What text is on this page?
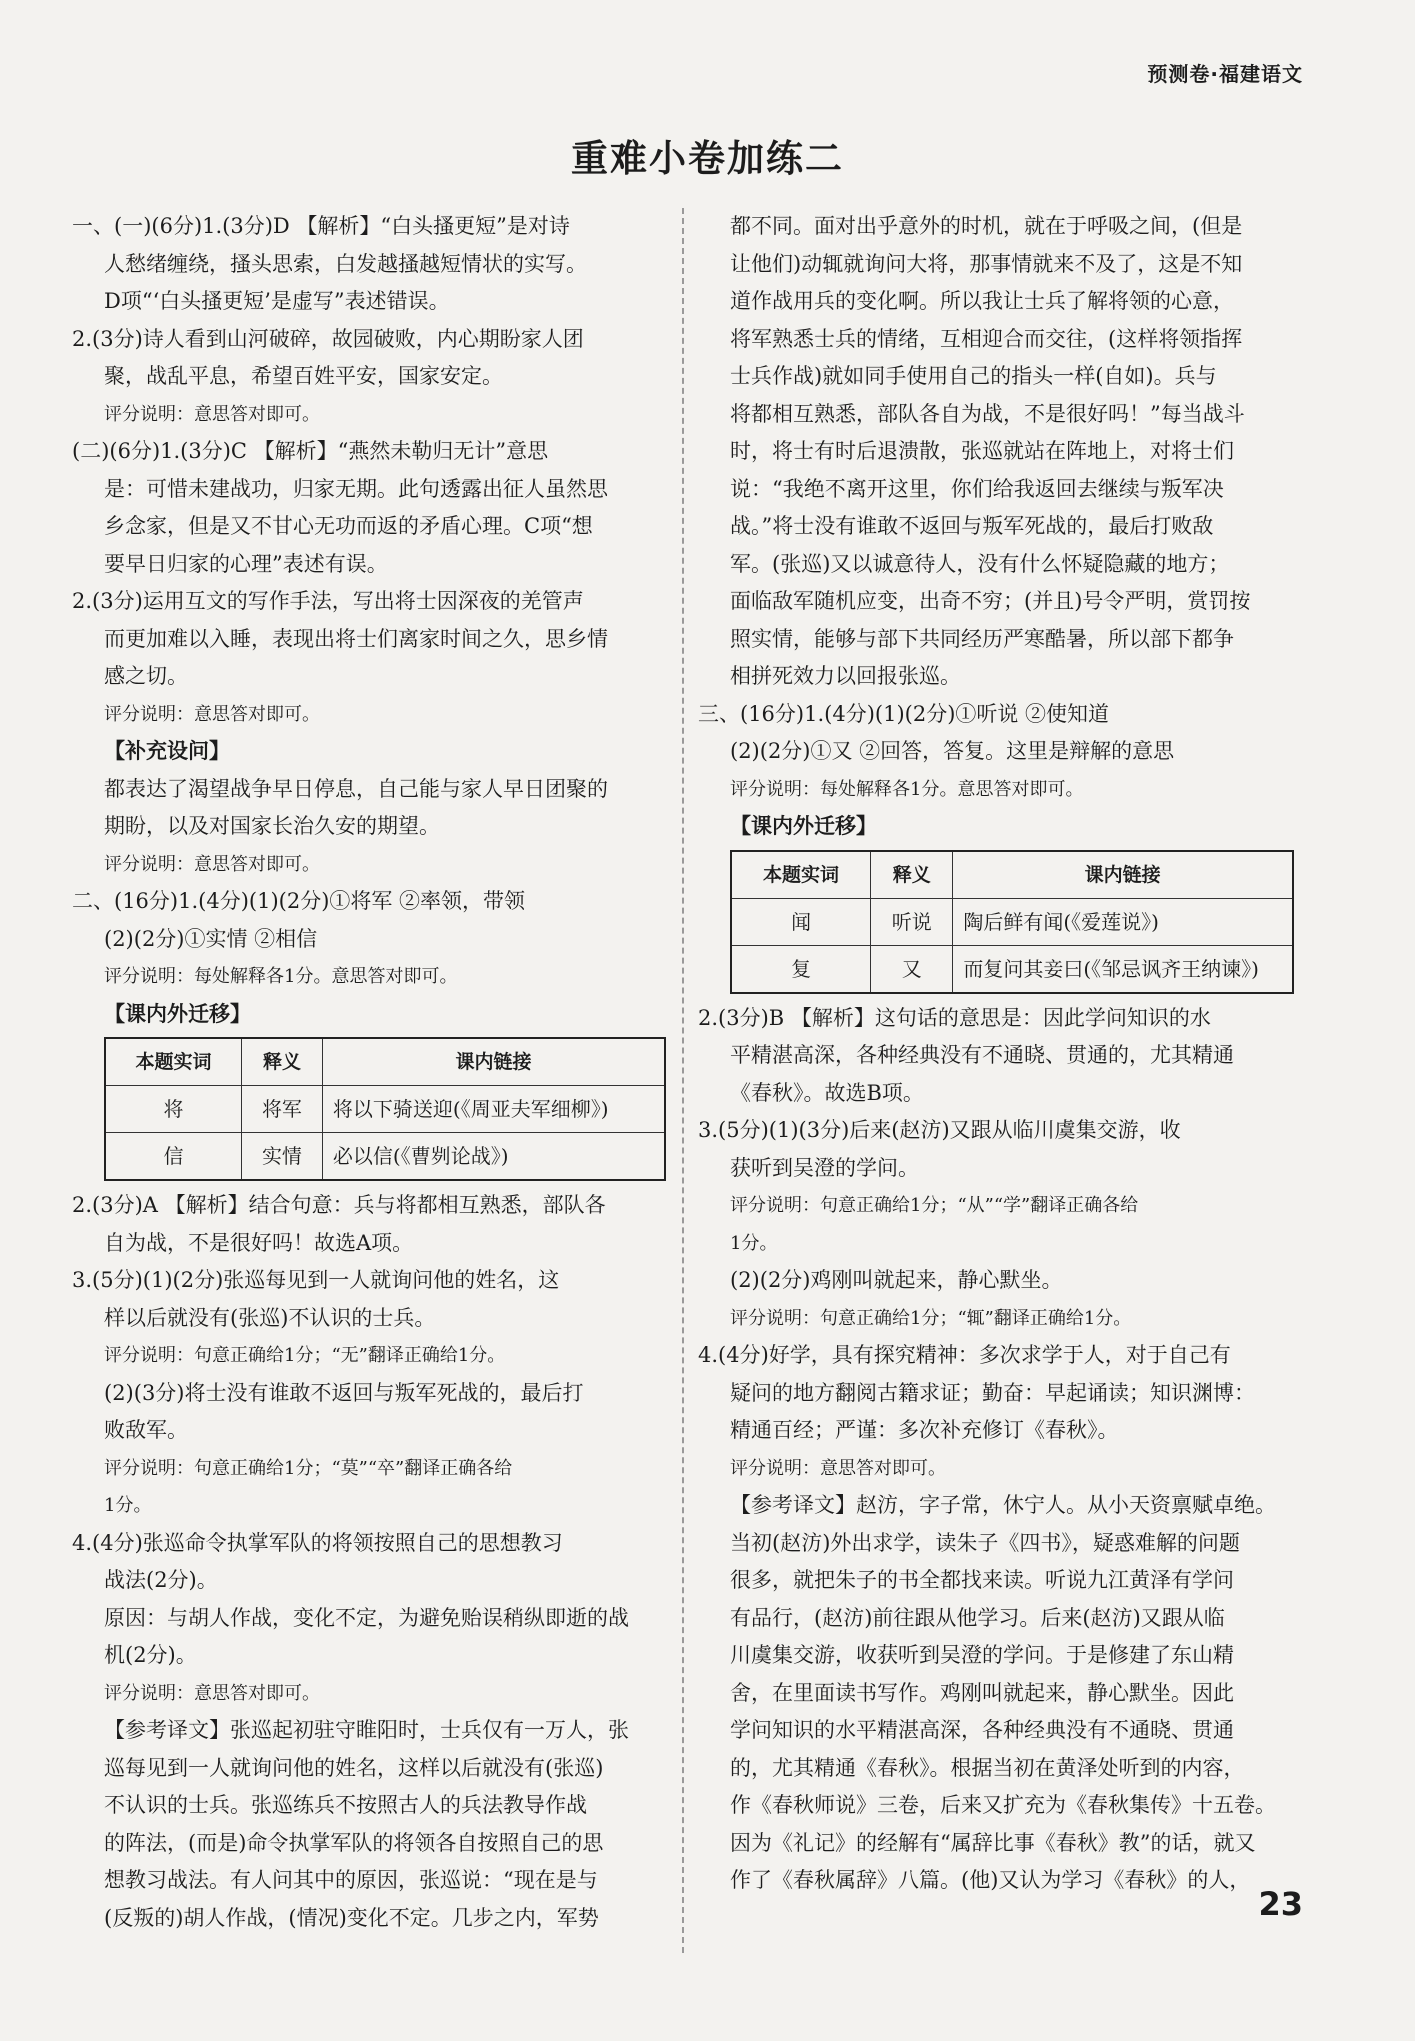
预测卷·福建语文
重难小卷加练二

一、(一)(6分)1.(3分)D 【解析】“白头搔更短”是对诗

人愁绪缠绕，搔头思索，白发越搔越短情状的实写。

D项“‘白头搔更短’是虚写”表述错误。

2.(3分)诗人看到山河破碎，故园破败，内心期盼家人团

聚，战乱平息，希望百姓平安，国家安定。

评分说明：意思答对即可。

(二)(6分)1.(3分)C 【解析】“燕然未勒归无计”意思

是：可惜未建战功，归家无期。此句透露出征人虽然思

乡念家，但是又不甘心无功而返的矛盾心理。C项“想

要早日归家的心理”表述有误。

2.(3分)运用互文的写作手法，写出将士因深夜的羌管声

而更加难以入睡，表现出将士们离家时间之久，思乡情

感之切。

评分说明：意思答对即可。

【补充设问】

都表达了渴望战争早日停息，自己能与家人早日团聚的

期盼，以及对国家长治久安的期望。

评分说明：意思答对即可。

二、(16分)1.(4分)(1)(2分)①将军 ②率领，带领

(2)(2分)①实情 ②相信

评分说明：每处解释各1分。意思答对即可。

【课内外迁移】

本题实词	释义	课内链接
将	将军	将以下骑送迎(《周亚夫军细柳》)
信	实情	必以信(《曹刿论战》)

2.(3分)A 【解析】结合句意：兵与将都相互熟悉，部队各

自为战，不是很好吗！故选A项。

3.(5分)(1)(2分)张巡每见到一人就询问他的姓名，这

样以后就没有(张巡)不认识的士兵。

评分说明：句意正确给1分；“无”翻译正确给1分。

(2)(3分)将士没有谁敢不返回与叛军死战的，最后打

败敌军。

评分说明：句意正确给1分；“莫”“卒”翻译正确各给

1分。

4.(4分)张巡命令执掌军队的将领按照自己的思想教习

战法(2分)。

原因：与胡人作战，变化不定，为避免贻误稍纵即逝的战

机(2分)。

评分说明：意思答对即可。

【参考译文】张巡起初驻守睢阳时，士兵仅有一万人，张

巡每见到一人就询问他的姓名，这样以后就没有(张巡)

不认识的士兵。张巡练兵不按照古人的兵法教导作战

的阵法，(而是)命令执掌军队的将领各自按照自己的思

想教习战法。有人问其中的原因，张巡说：“现在是与

(反叛的)胡人作战，(情况)变化不定。几步之内，军势

都不同。面对出乎意外的时机，就在于呼吸之间，(但是

让他们)动辄就询问大将，那事情就来不及了，这是不知

道作战用兵的变化啊。所以我让士兵了解将领的心意，

将军熟悉士兵的情绪，互相迎合而交往，(这样将领指挥

士兵作战)就如同手使用自己的指头一样(自如)。兵与

将都相互熟悉，部队各自为战，不是很好吗！”每当战斗

时，将士有时后退溃散，张巡就站在阵地上，对将士们

说：“我绝不离开这里，你们给我返回去继续与叛军决

战。”将士没有谁敢不返回与叛军死战的，最后打败敌

军。(张巡)又以诚意待人，没有什么怀疑隐藏的地方；

面临敌军随机应变，出奇不穷；(并且)号令严明，赏罚按

照实情，能够与部下共同经历严寒酷暑，所以部下都争

相拼死效力以回报张巡。

三、(16分)1.(4分)(1)(2分)①听说 ②使知道

(2)(2分)①又 ②回答，答复。这里是辩解的意思

评分说明：每处解释各1分。意思答对即可。

【课内外迁移】

本题实词	释义	课内链接
闻	听说	陶后鲜有闻(《爱莲说》)
复	又	而复问其妾曰(《邹忌讽齐王纳谏》)

2.(3分)B 【解析】这句话的意思是：因此学问知识的水

平精湛高深，各种经典没有不通晓、贯通的，尤其精通

《春秋》。故选B项。

3.(5分)(1)(3分)后来(赵汸)又跟从临川虞集交游，收

获听到吴澄的学问。

评分说明：句意正确给1分；“从”“学”翻译正确各给

1分。

(2)(2分)鸡刚叫就起来，静心默坐。

评分说明：句意正确给1分；“辄”翻译正确给1分。

4.(4分)好学，具有探究精神：多次求学于人，对于自己有

疑问的地方翻阅古籍求证；勤奋：早起诵读；知识渊博：

精通百经；严谨：多次补充修订《春秋》。

评分说明：意思答对即可。

【参考译文】赵汸，字子常，休宁人。从小天资禀赋卓绝。

当初(赵汸)外出求学，读朱子《四书》，疑惑难解的问题

很多，就把朱子的书全都找来读。听说九江黄泽有学问

有品行，(赵汸)前往跟从他学习。后来(赵汸)又跟从临

川虞集交游，收获听到吴澄的学问。于是修建了东山精

舍，在里面读书写作。鸡刚叫就起来，静心默坐。因此

学问知识的水平精湛高深，各种经典没有不通晓、贯通

的，尤其精通《春秋》。根据当初在黄泽处听到的内容，

作《春秋师说》三卷，后来又扩充为《春秋集传》十五卷。

因为《礼记》的经解有“属辞比事《春秋》教”的话，就又

作了《春秋属辞》八篇。(他)又认为学习《春秋》的人，

23
